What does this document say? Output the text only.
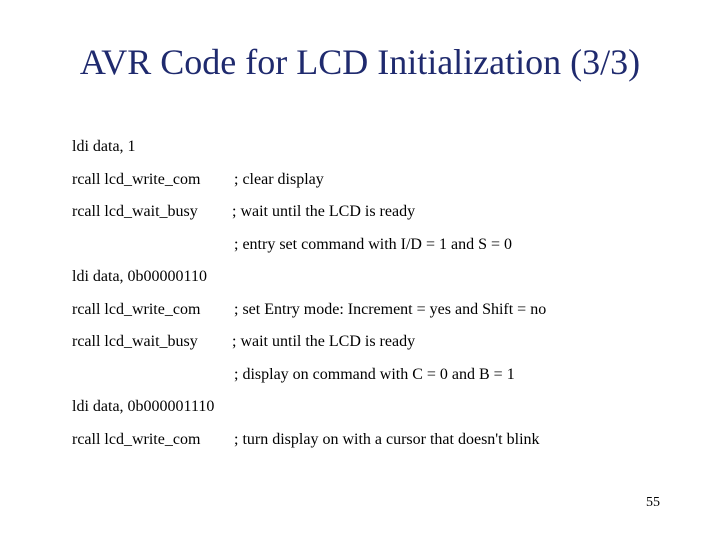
AVR Code for LCD Initialization (3/3)
ldi data, 1
rcall lcd_write_com ; clear display
rcall lcd_wait_busy ; wait until the LCD is ready
; entry set command with I/D = 1 and S = 0
ldi data, 0b00000110
rcall lcd_write_com ; set Entry mode: Increment = yes and Shift = no
rcall lcd_wait_busy ; wait until the LCD is ready
; display on command with C = 0 and B = 1
ldi data, 0b000001110
rcall lcd_write_com ; turn display on with a cursor that doesn't blink
55
